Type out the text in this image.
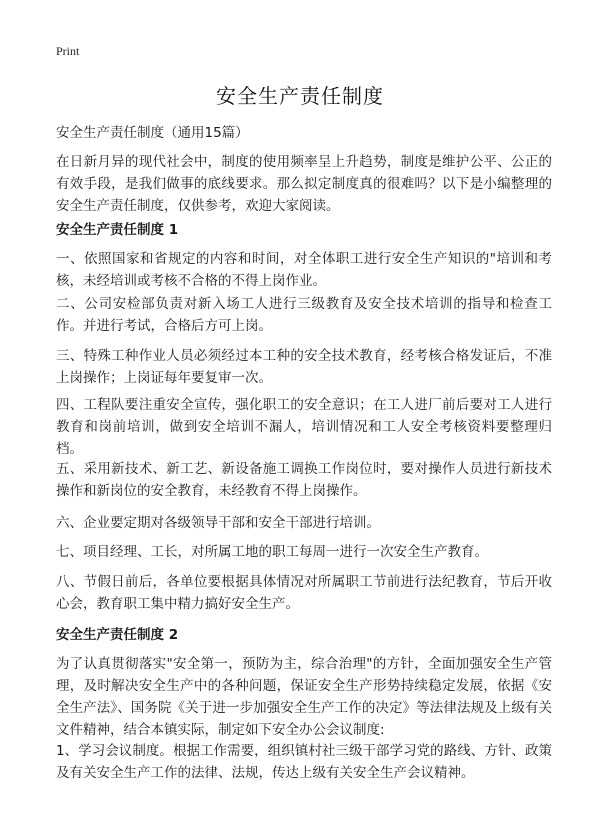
Print
安全生产责任制度

安全生产责任制度（通用15篇）

在日新月异的现代社会中，制度的使用频率呈上升趋势，制度是维护公平、公正的有效手段，是我们做事的底线要求。那么拟定制度真的很难吗？以下是小编整理的安全生产责任制度，仅供参考，欢迎大家阅读。

安全生产责任制度 1

一、依照国家和省规定的内容和时间，对全体职工进行安全生产知识的"培训和考核，未经培训或考核不合格的不得上岗作业。

二、公司安检部负责对新入场工人进行三级教育及安全技术培训的指导和检查工作。并进行考试，合格后方可上岗。

三、特殊工种作业人员必须经过本工种的安全技术教育，经考核合格发证后，不准上岗操作；上岗证每年要复审一次。

四、工程队要注重安全宣传，强化职工的安全意识；在工人进厂前后要对工人进行教育和岗前培训，做到安全培训不漏人，培训情况和工人安全考核资料要整理归档。

五、采用新技术、新工艺、新设备施工调换工作岗位时，要对操作人员进行新技术操作和新岗位的安全教育，未经教育不得上岗操作。

六、企业要定期对各级领导干部和安全干部进行培训。

七、项目经理、工长，对所属工地的职工每周一进行一次安全生产教育。

八、节假日前后，各单位要根据具体情况对所属职工节前进行法纪教育，节后开收心会，教育职工集中精力搞好安全生产。

安全生产责任制度 2

为了认真贯彻落实"安全第一，预防为主，综合治理"的方针，全面加强安全生产管理，及时解决安全生产中的各种问题，保证安全生产形势持续稳定发展，依据《安全生产法》、国务院《关于进一步加强安全生产工作的决定》等法律法规及上级有关文件精神，结合本镇实际，制定如下安全办公会议制度:

1、学习会议制度。根据工作需要，组织镇村社三级干部学习党的路线、方针、政策及有关安全生产工作的法律、法规，传达上级有关安全生产会议精神。
